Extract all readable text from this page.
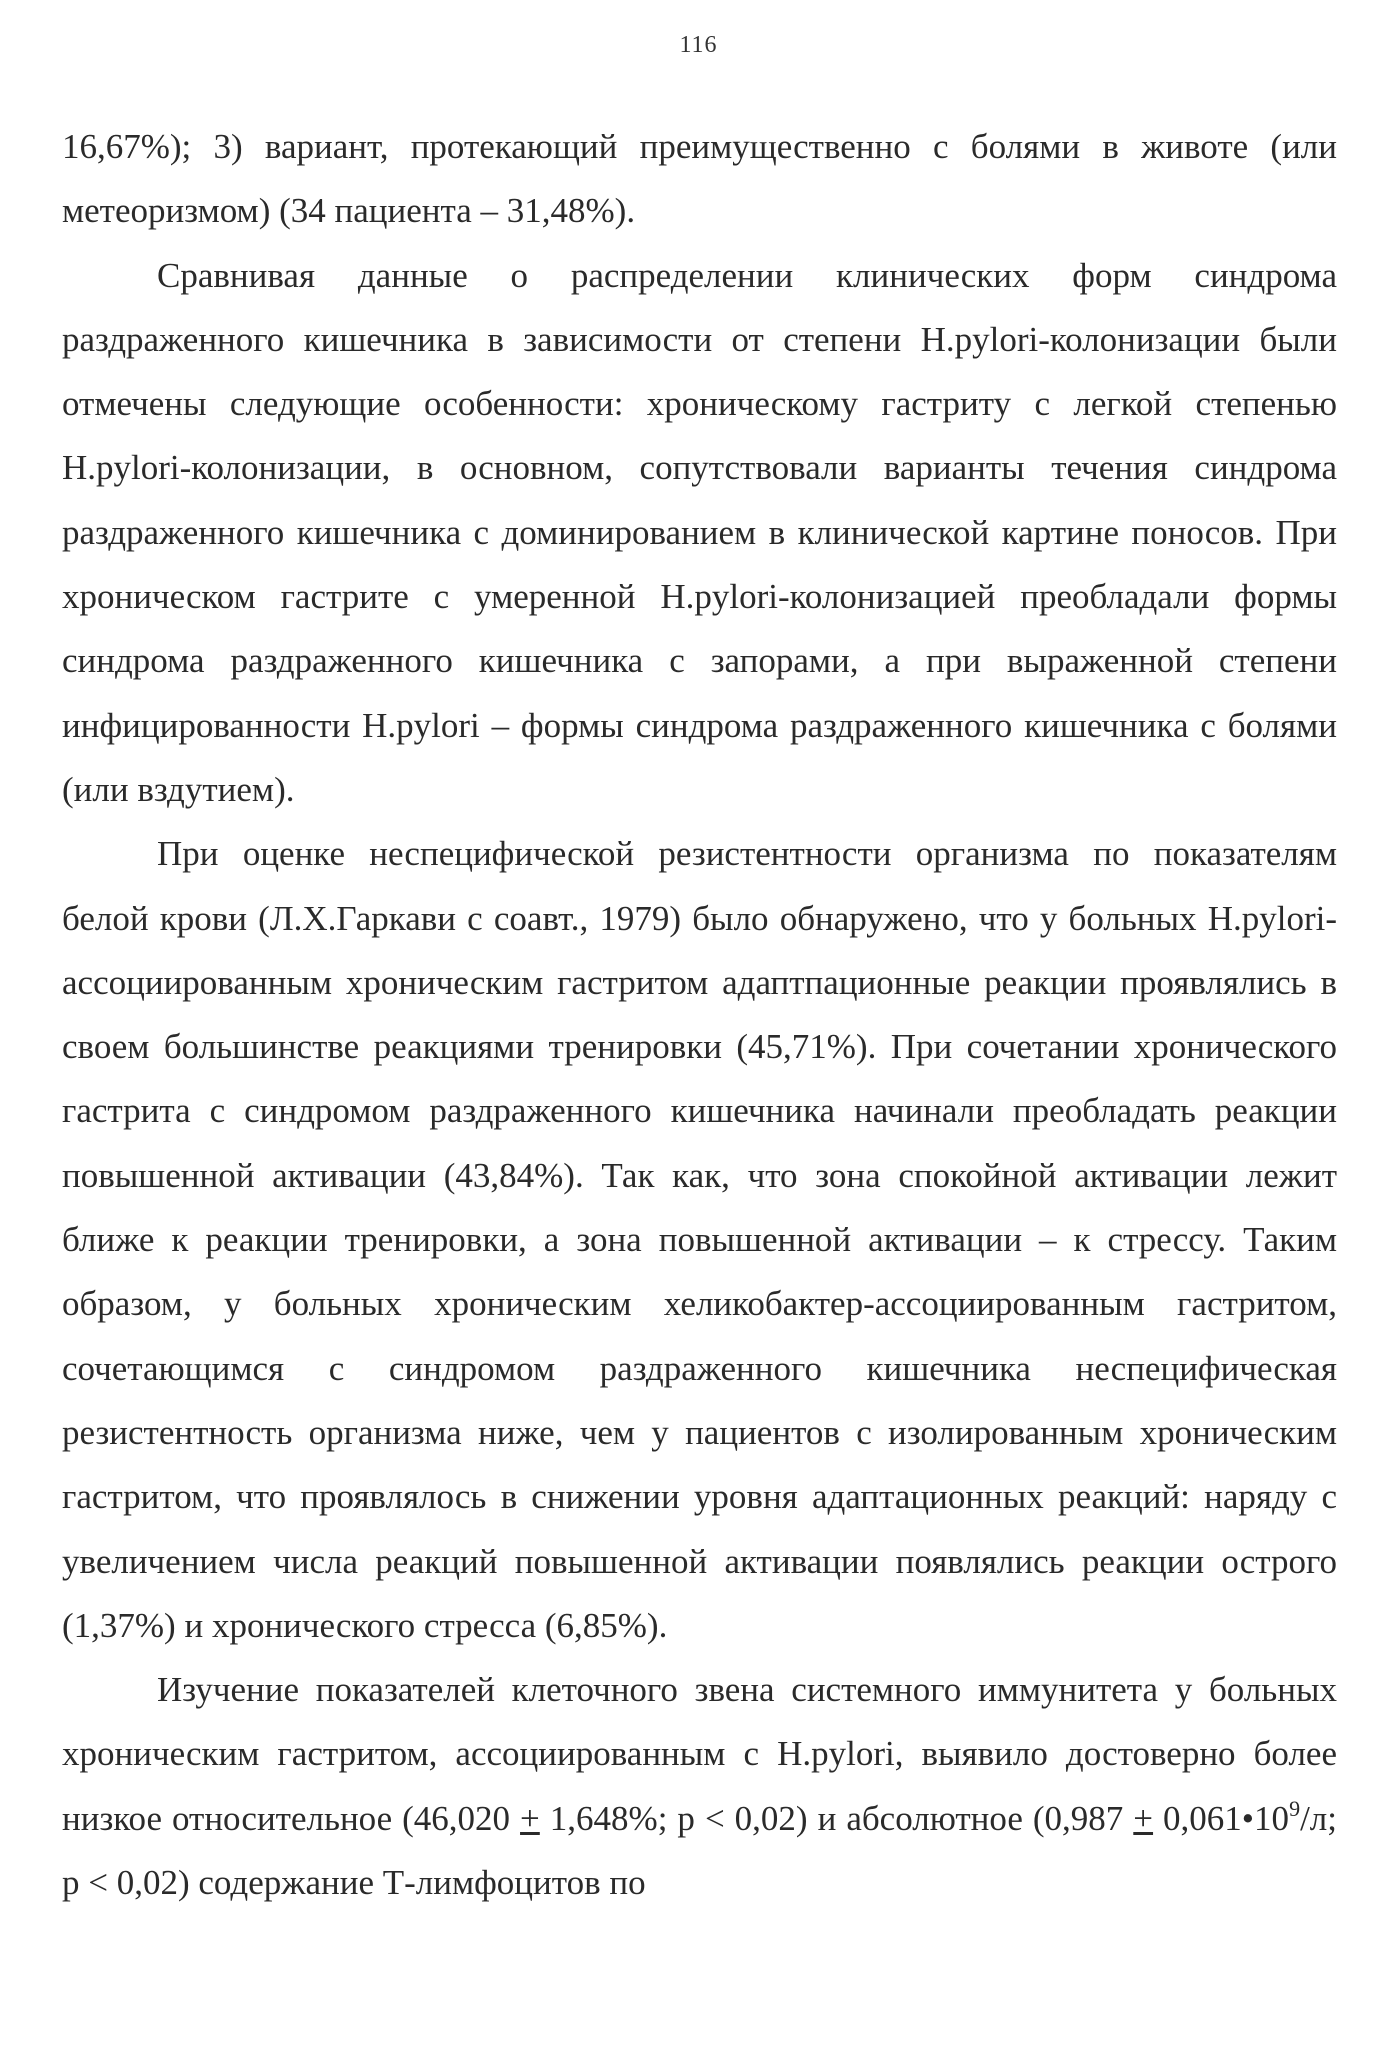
116

16,67%); 3) вариант, протекающий преимущественно с болями в животе (или метеоризмом) (34 пациента – 31,48%).

Сравнивая данные о распределении клинических форм синдрома раздраженного кишечника в зависимости от степени H.pylori-колонизации были отмечены следующие особенности: хроническому гастриту с легкой степенью H.pylori-колонизации, в основном, сопутствовали варианты течения синдрома раздраженного кишечника с доминированием в клинической картине поносов. При хроническом гастрите с умеренной H.pylori-колонизацией преобладали формы синдрома раздраженного кишечника с запорами, а при выраженной степени инфицированности H.pylori – формы синдрома раздраженного кишечника с болями (или вздутием).

При оценке неспецифической резистентности организма по показателям белой крови (Л.Х.Гаркави с соавт., 1979) было обнаружено, что у больных H.pylori-ассоциированным хроническим гастритом адаптпационные реакции проявлялись в своем большинстве реакциями тренировки (45,71%). При сочетании хронического гастрита с синдромом раздраженного кишечника начинали преобладать реакции повышенной активации (43,84%). Так как, что зона спокойной активации лежит ближе к реакции тренировки, а зона повышенной активации – к стрессу. Таким образом, у больных хроническим хеликобактер-ассоциированным гастритом, сочетающимся с синдромом раздраженного кишечника неспецифическая резистентность организма ниже, чем у пациентов с изолированным хроническим гастритом, что проявлялось в снижении уровня адаптационных реакций: наряду с увеличением числа реакций повышенной активации появлялись реакции острого (1,37%) и хронического стресса (6,85%).

Изучение показателей клеточного звена системного иммунитета у больных хроническим гастритом, ассоциированным с H.pylori, выявило достоверно более низкое относительное (46,020 + 1,648%; p < 0,02) и абсолютное ($0,987 + 0,061•10^9/л$; p < 0,02) содержание Т-лимфоцитов по
